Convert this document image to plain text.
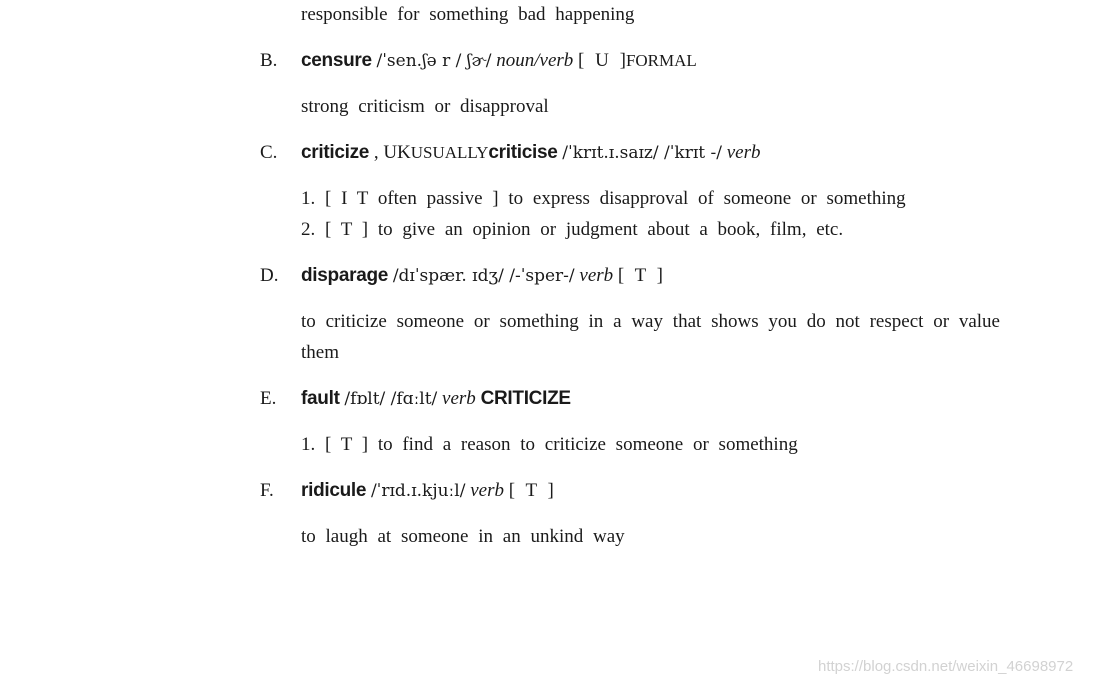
responsible for something bad happening
B. censure /ˈsen.ʃə r / ʃɚ/ noun/verb [ U ]FORMAL
strong criticism or disapproval
C. criticize , UKUSUALLYcriticise /ˈkrɪt.ɪ.saɪz/ /ˈkrɪt -/ verb
1. [ I T often passive ] to express disapproval of someone or something
2. [ T ] to give an opinion or judgment about a book, film, etc.
D. disparage /dɪˈspær. ɪdʒ/ /-ˈsper-/ verb [ T ]
to criticize someone or something in a way that shows you do not respect or value them
E. fault /fɒlt/ /fɑːlt/ verb CRITICIZE
1. [ T ] to find a reason to criticize someone or something
F. ridicule /ˈrɪd.ɪ.kjuːl/ verb [ T ]
to laugh at someone in an unkind way
https://blog.csdn.net/weixin_46698972
